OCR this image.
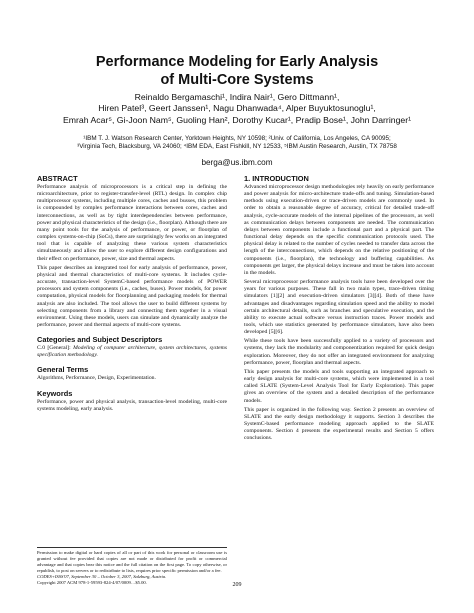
Performance Modeling for Early Analysis
of Multi-Core Systems
Reinaldo Bergamaschi¹, Indira Nair¹, Gero Dittmann¹,
Hiren Patel³, Geert Janssen¹, Nagu Dhanwada⁴, Alper Buyuktosunoglu¹,
Emrah Acar⁵, Gi-Joon Nam⁵, Guoling Han², Dorothy Kucar¹, Pradip Bose¹, John Darringer¹
¹IBM T. J. Watson Research Center, Yorktown Heights, NY 10598; ²Univ. of California, Los Angeles, CA 90095;
³Virginia Tech, Blacksburg, VA 24060; ⁴IBM EDA, East Fishkill, NY 12533, ⁵IBM Austin Research, Austin, TX 78758
berga@us.ibm.com
ABSTRACT

Performance analysis of microprocessors is a critical step in defining the microarchitecture, prior to register-transfer-level (RTL) design. In complex chip multiprocessor systems, including multiple cores, caches and busses, this problem is compounded by complex performance interactions between cores, caches and interconnections, as well as by tight interdependencies between performance, power and physical characteristics of the design (i.e., floorplan). Although there are many point tools for the analysis of performance, or power, or floorplan of complex systems-on-chip (SoCs), there are surprisingly few works on an integrated tool that is capable of analyzing these various system characteristics simultaneously and allow the user to explore different design configurations and their effect on performance, power, size and thermal aspects.

This paper describes an integrated tool for early analysis of performance, power, physical and thermal characteristics of multi-core systems. It includes cycle-accurate, transaction-level SystemC-based performance models of POWER processors and system components (i.e., caches, buses). Power models, for power computation, physical models for floorplanning and packaging models for thermal analysis are also included. The tool allows the user to build different systems by selecting components from a library and connecting them together in a visual environment. Using these models, users can simulate and dynamically analyze the performance, power and thermal aspects of multi-core systems.

Categories and Subject Descriptors

C.0 [General]: Modeling of computer architecture, system architectures, systems specification methodology.

General Terms

Algorithms, Performance, Design, Experimentation.

Keywords

Performance, power and physical analysis, transaction-level modeling, multi-core systems modeling, early analysis.

Permission to make digital or hard copies of all or part of this work for personal or classroom use is granted without fee provided that copies are not made or distributed for profit or commercial advantage and that copies bear this notice and the full citation on the first page. To copy otherwise, or republish, to post on servers or to redistribute to lists, requires prior specific permission and/or a fee.

CODES+ISSS'07, September 30 – October 3, 2007, Salzburg, Austria.

Copyright 2007 ACM 978-1-59593-824-4/07/0009…$5.00.

1. INTRODUCTION

Advanced microprocessor design methodologies rely heavily on early performance and power analysis for micro-architecture trade-offs and tuning. Simulation-based methods using execution-driven or trace-driven models are commonly used. In order to obtain a reasonable degree of accuracy, critical for detailed trade-off analysis, cycle-accurate models of the internal pipelines of the processors, as well as communication delays between components are needed. The communication delays between components include a functional part and a physical part. The functional delay depends on the specific communication protocols used. The physical delay is related to the number of cycles needed to transfer data across the length of the interconnections, which depends on the relative positioning of the components (i.e., floorplan), the technology and buffering capabilities. As components get larger, the physical delays increase and must be taken into account in the models.

Several microprocessor performance analysis tools have been developed over the years for various purposes. These fall in two main types, trace-driven timing simulators [1][2] and execution-driven simulators [3][4]. Both of these have advantages and disadvantages regarding simulation speed and the ability to model certain architectural details, such as branches and speculative execution, and the ability to execute actual software versus instruction traces. Power models and tools, which use statistics generated by performance simulators, have also been developed [5][6].

While these tools have been successfully applied to a variety of processors and systems, they lack the modularity and componentization required for quick design exploration. Moreover, they do not offer an integrated environment for analyzing performance, power, floorplan and thermal aspects.

This paper presents the models and tools supporting an integrated approach to early design analysis for multi-core systems, which were implemented in a tool called SLATE (System-Level Analysis Tool for Early Exploration). This paper gives an overview of the system and a detailed description of the performance models.

This paper is organized in the following way. Section 2 presents an overview of SLATE and the early design methodology it supports. Section 3 describes the SystemC-based performance modeling approach applied to the SLATE components. Section 4 presents the experimental results and Section 5 offers conclusions.

209
